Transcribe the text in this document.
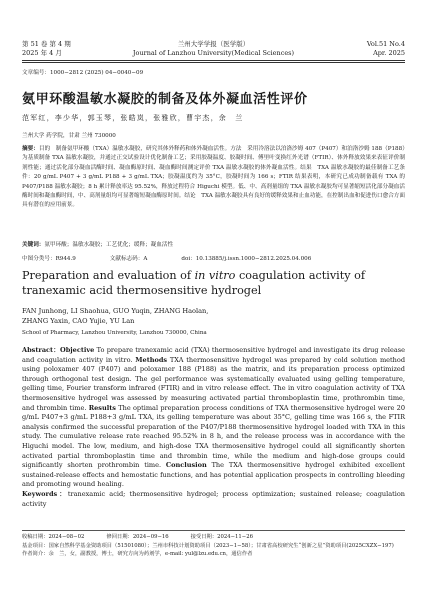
第 51 卷 第 4 期
2025 年 4 月
兰州大学学报（医学版）
Journal of Lanzhou University(Medical Sciences)
Vol.51 No.4
Apr. 2025
文章编号：1000−2812 (2025) 04−0040−09
氨甲环酸温敏水凝胶的制备及体外凝血活性评价
范军红，李少华，郭玉琴，张皓岚，张雅欣，曹宇杰，余　兰
兰州大学 药学院，甘肃 兰州 730000
摘要：目的　制备氨甲环酸（TXA）温敏水凝胶，研究其体外释药和体外凝血活性。方法　采用冷溶法以泊洛沙姆 407（P407）和泊洛沙姆 188（P188）为基质制备 TXA 温敏水凝胶，并通过正交试验设计优化制备工艺；采用胶凝温度、胶凝时间、傅里叶变换红外光谱（FTIR）、体外释放效果来表征评价制剂性能；通过活化部分凝血活酶时间、凝血酶原时间、凝血酶时间测定评价 TXA 温敏水凝胶的体外凝血活性。结果　TXA 温敏水凝胶的最佳制备工艺条件：20 g/mL P407 + 3 g/mL P188 + 3 g/mL TXA；胶凝温度约为 35°C，胶凝时间为 166 s；FTIR 结果表明，本研究已成功制备载有 TXA 的 P407/P188 温敏水凝胶；8 h 累计释放率达 95.52%，释放过程符合 Higuchi 模型。低、中、高剂量组的 TXA 温敏水凝胶均可显著缩短活化部分凝血活酶时间和凝血酶时间，中、高剂量组均可显著缩短凝血酶原时间。结论　TXA 温敏水凝胶具有良好的缓释效果和止血功能，在控制出血和促进伤口愈合方面具有潜在的应用前景。
关键词：氨甲环酸；温敏水凝胶；工艺优化；缓释；凝血活性
中图分类号：R944.9	文献标志码：A	doi：10.13885/j.issn.1000−2812.2025.04.006
Preparation and evaluation of in vitro coagulation activity of tranexamic acid thermosensitive hydrogel
FAN Junhong, LI Shaohua, GUO Yuqin, ZHANG Haolan,
ZHANG Yaxin, CAO Yujie, YU Lan
School of Pharmacy, Lanzhou University, Lanzhou 730000, China
Abstract：Objective To prepare tranexamic acid (TXA) thermosensitive hydrogel and investigate its drug release and coagulation activity in vitro. Methods TXA thermosensitive hydrogel was prepared by cold solution method using poloxamer 407 (P407) and poloxamer 188 (P188) as the matrix, and its preparation process optimized through orthogonal test design. The gel performance was systematically evaluated using gelling temperature, gelling time, Fourier transform infrared (FTIR) and in vitro release effect. The in vitro coagulation activity of TXA thermosensitive hydrogel was assessed by measuring activated partial thromboplastin time, prothrombin time, and thrombin time. Results The optimal preparation process conditions of TXA thermosensitive hydrogel were 20 g/mL P407+3 g/mL P188+3 g/mL TXA, its gelling temperature was about 35°C, gelling time was 166 s, the FTIR analysis confirmed the successful preparation of the P407/P188 thermosensitive hydrogel loaded with TXA in this study. The cumulative release rate reached 95.52% in 8 h, and the release process was in accordance with the Higuchi model. The low, medium, and high-dose TXA thermosensitive hydrogel could all significantly shorten activated partial thromboplastin time and thrombin time, while the medium and high-dose groups could significantly shorten prothrombin time. Conclusion The TXA thermosensitive hydrogel exhibited excellent sustained-release effects and hemostatic functions, and has potential application prospects in controlling bleeding and promoting wound healing.
Keywords：tranexamic acid; thermosensitive hydrogel; process optimization; sustained release; coagulation activity
收稿日期：2024−08−02	修回日期：2024−09−16	接受日期：2024−11−26
基金项目：国家自然科学基金资助项目（51501080）；兰州市科技计划资助项目（2023−1−58）；甘肃省高校研究生“创新之星”资助项目(2025CXZX−197)
作者简介：余　兰，女，副教授，博士，研究方向为药剂学，e-mail: yul@lzu.edu.cn，通信作者
